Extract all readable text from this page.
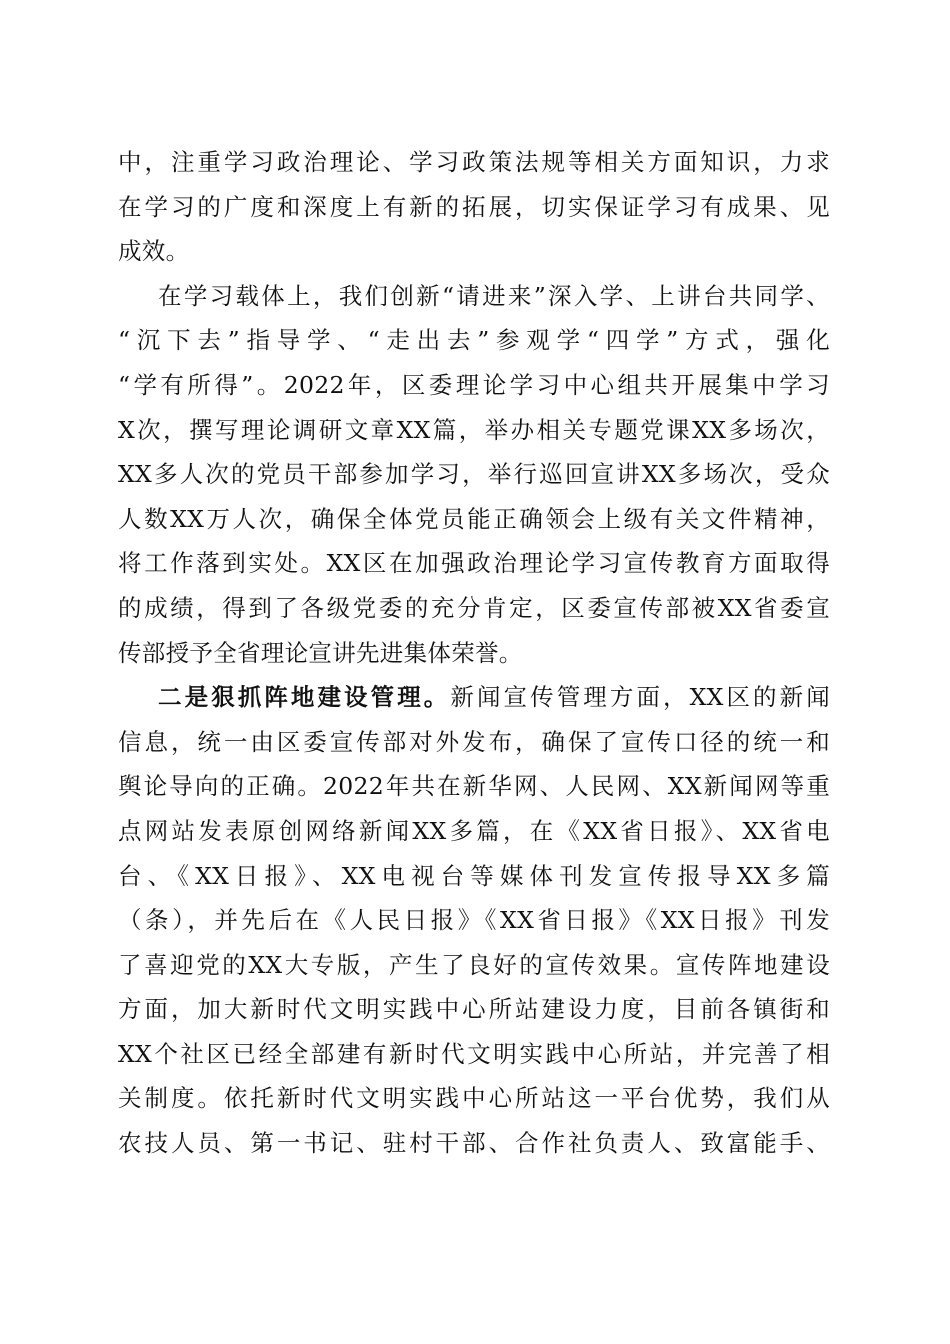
中，注重学习政治理论、学习政策法规等相关方面知识，力求
在学习的广度和深度上有新的拓展，切实保证学习有成果、见
成效。
在学习载体上，我们创新“请进来”深入学、上讲台共同学、
“沉下去”指导学、“走出去”参观学“四学”方式，强化
“学有所得”。2022年，区委理论学习中心组共开展集中学习
X次，撰写理论调研文章XX篇，举办相关专题党课XX多场次，
XX多人次的党员干部参加学习，举行巡回宣讲XX多场次，受众
人数XX万人次，确保全体党员能正确领会上级有关文件精神，
将工作落到实处。XX区在加强政治理论学习宣传教育方面取得
的成绩，得到了各级党委的充分肯定，区委宣传部被XX省委宣
传部授予全省理论宣讲先进集体荣誉。
二是狠抓阵地建设管理。新闻宣传管理方面，XX区的新闻
信息，统一由区委宣传部对外发布，确保了宣传口径的统一和
舆论导向的正确。2022年共在新华网、人民网、XX新闻网等重
点网站发表原创网络新闻XX多篇，在《XX省日报》、XX省电
台、《XX日报》、XX电视台等媒体刊发宣传报导XX多篇
（条），并先后在《人民日报》《XX省日报》《XX日报》刊发
了喜迎党的XX大专版，产生了良好的宣传效果。宣传阵地建设
方面，加大新时代文明实践中心所站建设力度，目前各镇街和
XX个社区已经全部建有新时代文明实践中心所站，并完善了相
关制度。依托新时代文明实践中心所站这一平台优势，我们从
农技人员、第一书记、驻村干部、合作社负责人、致富能手、
